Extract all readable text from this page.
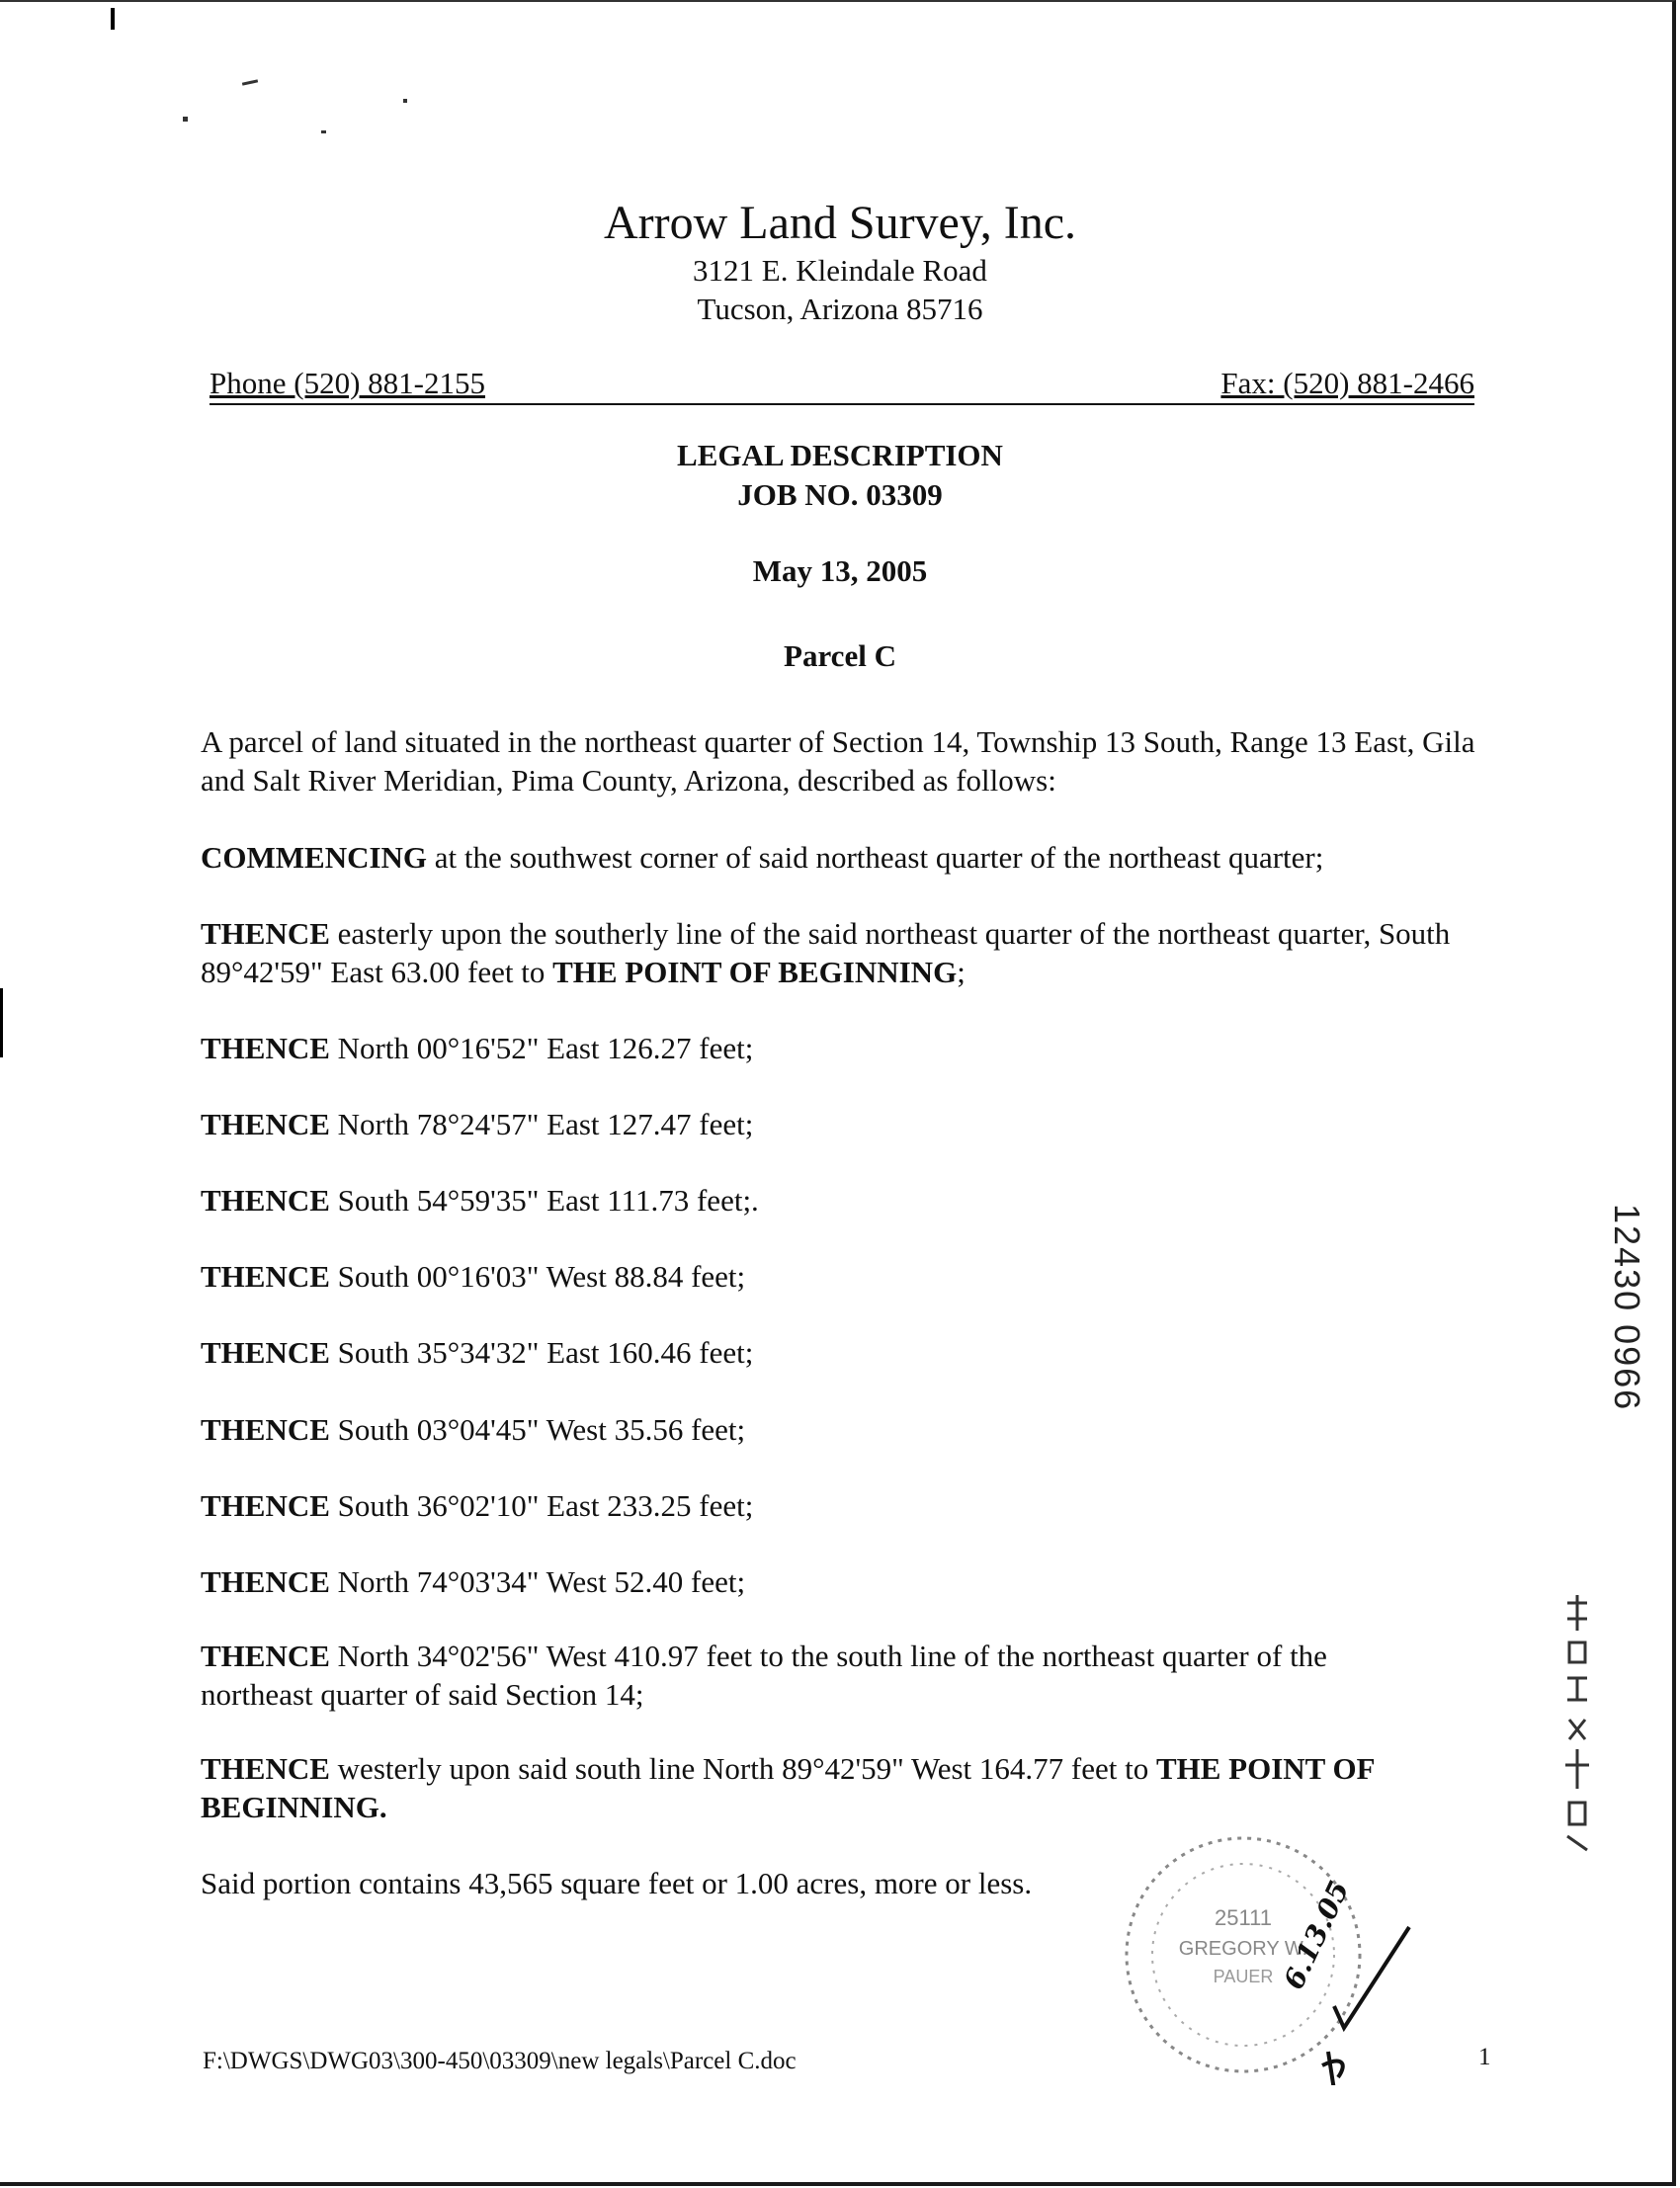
Arrow Land Survey, Inc.
3121 E. Kleindale Road
Tucson, Arizona 85716
Phone (520) 881-2155	Fax: (520) 881-2466
LEGAL DESCRIPTION
JOB NO. 03309
May 13, 2005
Parcel C

A parcel of land situated in the northeast quarter of Section 14, Township 13 South, Range 13 East, Gila and Salt River Meridian, Pima County, Arizona, described as follows:

COMMENCING at the southwest corner of said northeast quarter of the northeast quarter;

THENCE easterly upon the southerly line of the said northeast quarter of the northeast quarter, South 89°42'59" East 63.00 feet to THE POINT OF BEGINNING;

THENCE North 00°16'52" East 126.27 feet;

THENCE North 78°24'57" East 127.47 feet;

THENCE South 54°59'35" East 111.73 feet;.

THENCE South 00°16'03" West 88.84 feet;

THENCE South 35°34'32" East 160.46 feet;

THENCE South 03°04'45" West 35.56 feet;

THENCE South 36°02'10" East 233.25 feet;

THENCE North 74°03'34" West 52.40 feet;

THENCE North 34°02'56" West 410.97 feet to the south line of the northeast quarter of the northeast quarter of said Section 14;

THENCE westerly upon said south line North 89°42'59" West 164.77 feet to THE POINT OF BEGINNING.

Said portion contains 43,565 square feet or 1.00 acres, more or less.

F:\DWGS\DWG03\300-450\03309\new legals\Parcel C.doc	1
12430 0966
25111
GREGORY W.
PAUER 6.13.05
